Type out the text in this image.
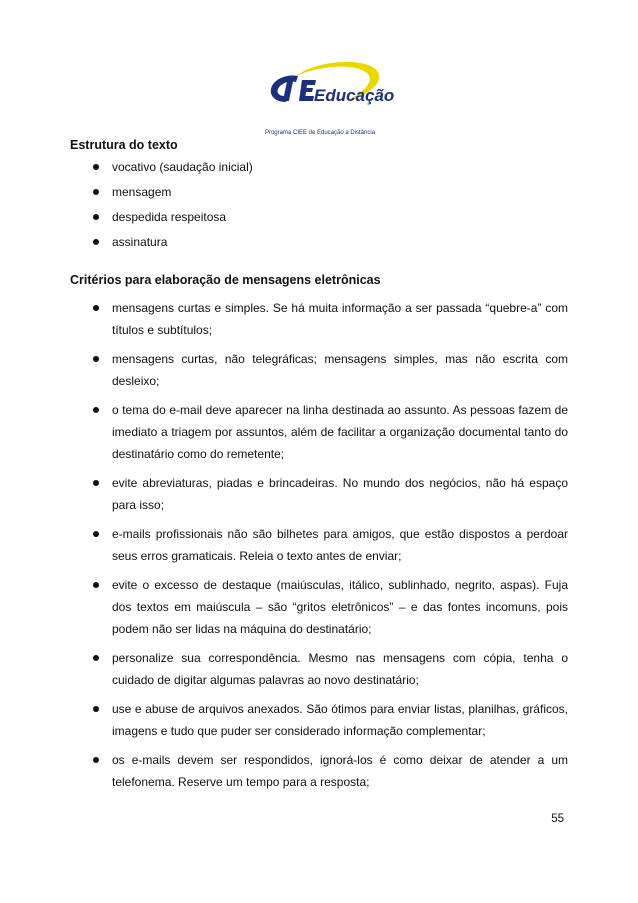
Educação
Programa CIEE de Educação a Distância
Estrutura do texto
vocativo (saudação inicial)
mensagem
despedida respeitosa
assinatura
Critérios para elaboração de mensagens eletrônicas
mensagens curtas e simples. Se há muita informação a ser passada “quebre-a” com títulos e subtítulos;
mensagens curtas, não telegráficas; mensagens simples, mas não escrita com desleixo;
o tema do e-mail deve aparecer na linha destinada ao assunto. As pessoas fazem de imediato a triagem por assuntos, além de facilitar a organização documental tanto do destinatário como do remetente;
evite abreviaturas, piadas e brincadeiras. No mundo dos negócios, não há espaço para isso;
e-mails profissionais não são bilhetes para amigos, que estão dispostos a perdoar seus erros gramaticais. Releia o texto antes de enviar;
evite o excesso de destaque (maiúsculas, itálico, sublinhado, negrito, aspas). Fuja dos textos em maiúscula – são “gritos eletrônicos” – e das fontes incomuns, pois podem não ser lidas na máquina do destinatário;
personalize sua correspondência. Mesmo nas mensagens com cópia, tenha o cuidado de digitar algumas palavras ao novo destinatário;
use e abuse de arquivos anexados. São ótimos para enviar listas, planilhas, gráficos, imagens e tudo que puder ser considerado informação complementar;
os e-mails devem ser respondidos, ignorá-los é como deixar de atender a um telefonema. Reserve um tempo para a resposta;
55
